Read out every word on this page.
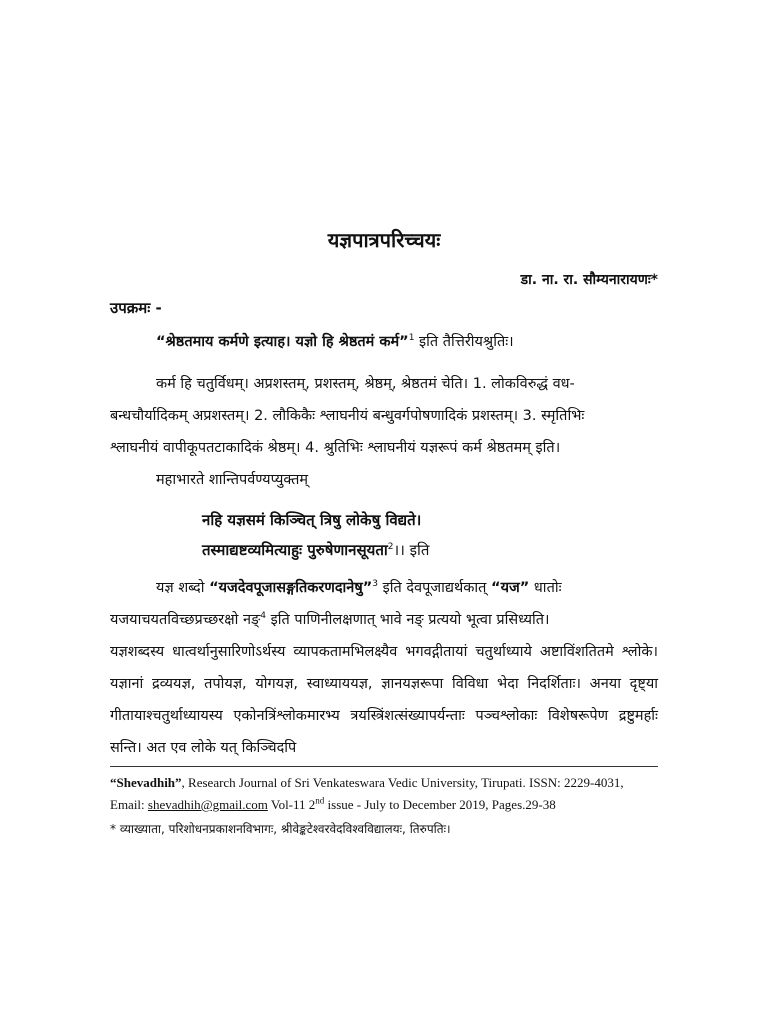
यज्ञपात्रपरिच्चयः
डा. ना. रा. सौम्यनारायणः*
उपक्रमः -

“श्रेष्ठतमाय कर्मणे इत्याह। यज्ञो हि श्रेष्ठतमं कर्म”$^1$ इति तैत्तिरीयश्रुतिः।

कर्म हि चतुर्विधम्। अप्रशस्तम्, प्रशस्तम्, श्रेष्ठम्, श्रेष्ठतमं चेति। 1. लोकविरुद्धं वध-
बन्धचौर्यादिकम् अप्रशस्तम्। 2. लौकिकैः श्लाघनीयं बन्धुवर्गपोषणादिकं प्रशस्तम्। 3. स्मृतिभिः
श्लाघनीयं वापीकूपतटाकादिकं श्रेष्ठम्। 4. श्रुतिभिः श्लाघनीयं यज्ञरूपं कर्म श्रेष्ठतमम् इति।

महाभारते शान्तिपर्वण्यप्युक्तम्

नहि यज्ञसमं किञ्चित् त्रिषु लोकेषु विद्यते।
तस्माद्यष्टव्यमित्याहुः पुरुषेणानसूयता$^2$।। इति

यज्ञ शब्दो “यजदेवपूजासङ्गतिकरणदानेषु”$^3$ इति देवपूजाद्यर्थकात् “यज” धातोः
यजयाचयतविच्छप्रच्छरक्षो नङ्$^4$ इति पाणिनीलक्षणात् भावे नङ् प्रत्ययो भूत्वा प्रसिध्यति।

यज्ञशब्दस्य धात्वर्थानुसारिणोऽर्थस्य व्यापकतामभिलक्ष्यैव भगवद्गीतायां चतुर्थाध्याये अष्टाविंशतितमे श्लोके। यज्ञानां द्रव्ययज्ञ, तपोयज्ञ, योगयज्ञ, स्वाध्याययज्ञ, ज्ञानयज्ञरूपा विविधा भेदा निदर्शिताः। अनया दृष्ट्या गीतायाश्चतुर्थाध्यायस्य एकोनत्रिंश्लोकमारभ्य त्रयस्त्रिंशत्संख्यापर्यन्ताः पञ्चश्लोकाः विशेषरूपेण द्रष्टुमर्हाः सन्ति। अत एव लोके यत् किञ्चिदपि

“Shevadhih”, Research Journal of Sri Venkateswara Vedic University, Tirupati. ISSN: 2229-4031,
Email: shevadhih@gmail.com Vol-11 2nd issue - July to December 2019, Pages.29-38
* व्याख्याता, परिशोधनप्रकाशनविभागः, श्रीवेङ्कटेश्वरवेदविश्वविद्यालयः, तिरुपतिः।
